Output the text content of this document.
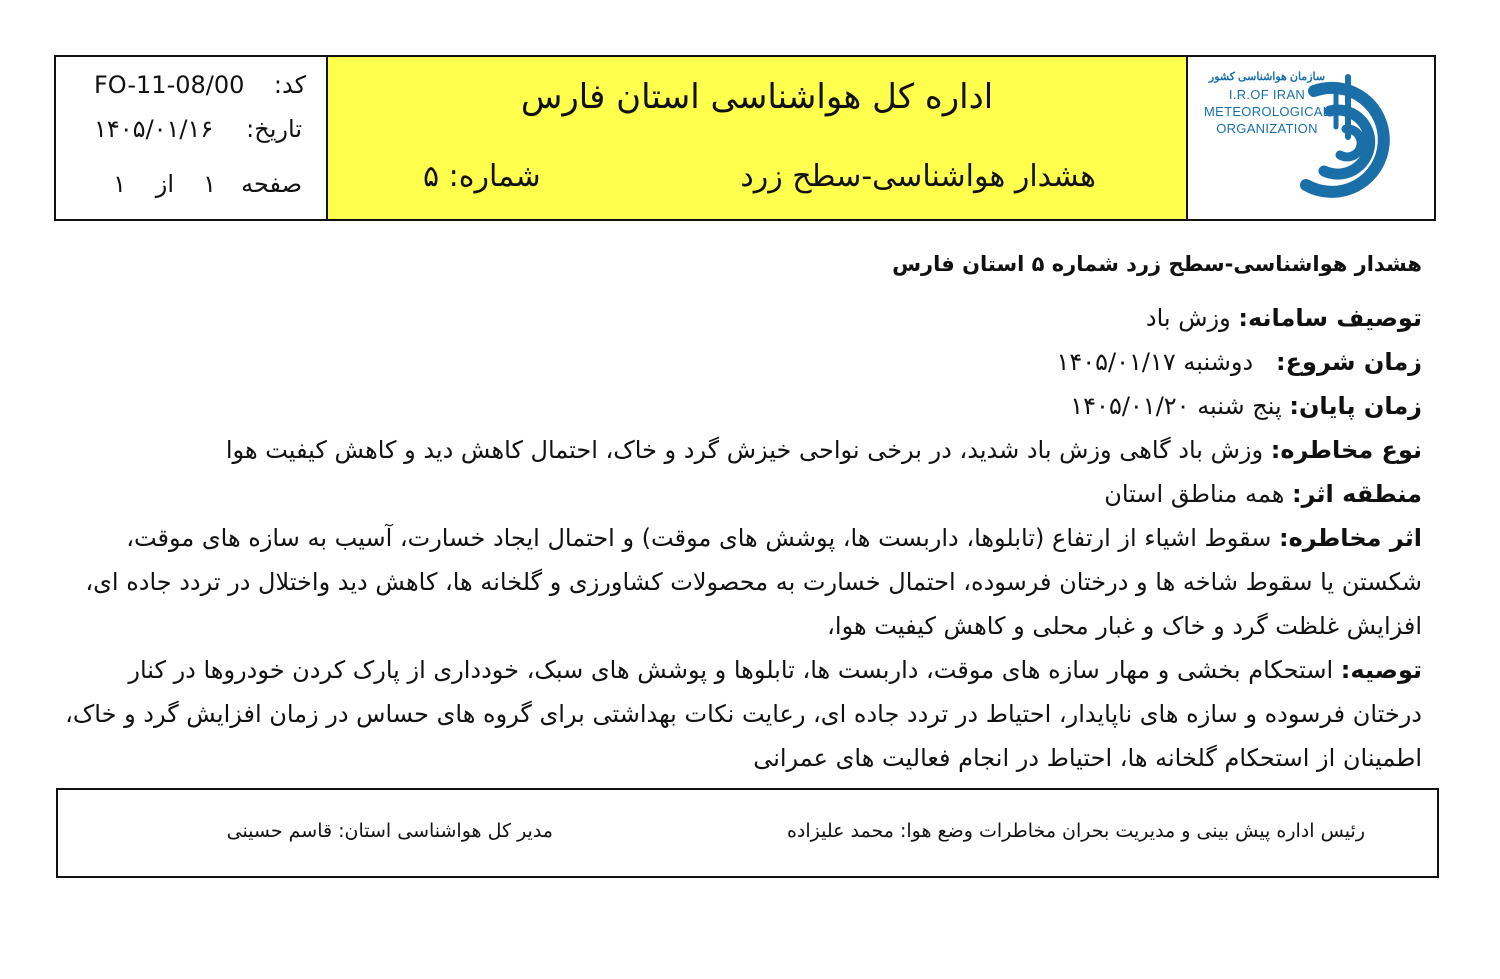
کد:
FO-11-08/00
تاریخ:
۱۴۰۵/۰۱/۱۶
صفحه
۱
از
۱
اداره کل هواشناسی استان فارس
هشدار هواشناسی-سطح زرد
شماره: ۵
سازمان هواشناسی کشور
I.R.OF IRAN
METEOROLOGICAL
ORGANIZATION
هشدار هواشناسی-سطح زرد شماره ۵ استان فارس
توصیف سامانه: وزش باد
زمان شروع:   دوشنبه ۱۴۰۵/۰۱/۱۷
زمان پایان: پنج شنبه ۱۴۰۵/۰۱/۲۰
نوع مخاطره: وزش باد گاهی وزش باد شدید، در برخی نواحی خیزش گرد و خاک، احتمال کاهش دید و کاهش کیفیت هوا
منطقه اثر: همه مناطق استان
اثر مخاطره: سقوط اشیاء از ارتفاع (تابلوها، داربست ها، پوشش های موقت) و احتمال ایجاد خسارت، آسیب به سازه های موقت، شکستن یا سقوط شاخه ها و درختان فرسوده، احتمال خسارت به محصولات کشاورزی و گلخانه ها، کاهش دید واختلال در تردد جاده ای، افزایش غلظت گرد و خاک و غبار محلی و کاهش کیفیت هوا،
توصیه: استحکام بخشی و مهار سازه های موقت، داربست ها، تابلوها و پوشش های سبک، خودداری از پارک کردن خودروها در کنار درختان فرسوده و سازه های ناپایدار، احتیاط در تردد جاده ای، رعایت نکات بهداشتی برای گروه های حساس در زمان افزایش گرد و خاک، اطمینان از استحکام گلخانه ها، احتیاط در انجام فعالیت های عمرانی
رئیس اداره پیش بینی و مدیریت بحران مخاطرات وضع هوا: محمد علیزاده
مدیر کل هواشناسی استان: قاسم حسینی
